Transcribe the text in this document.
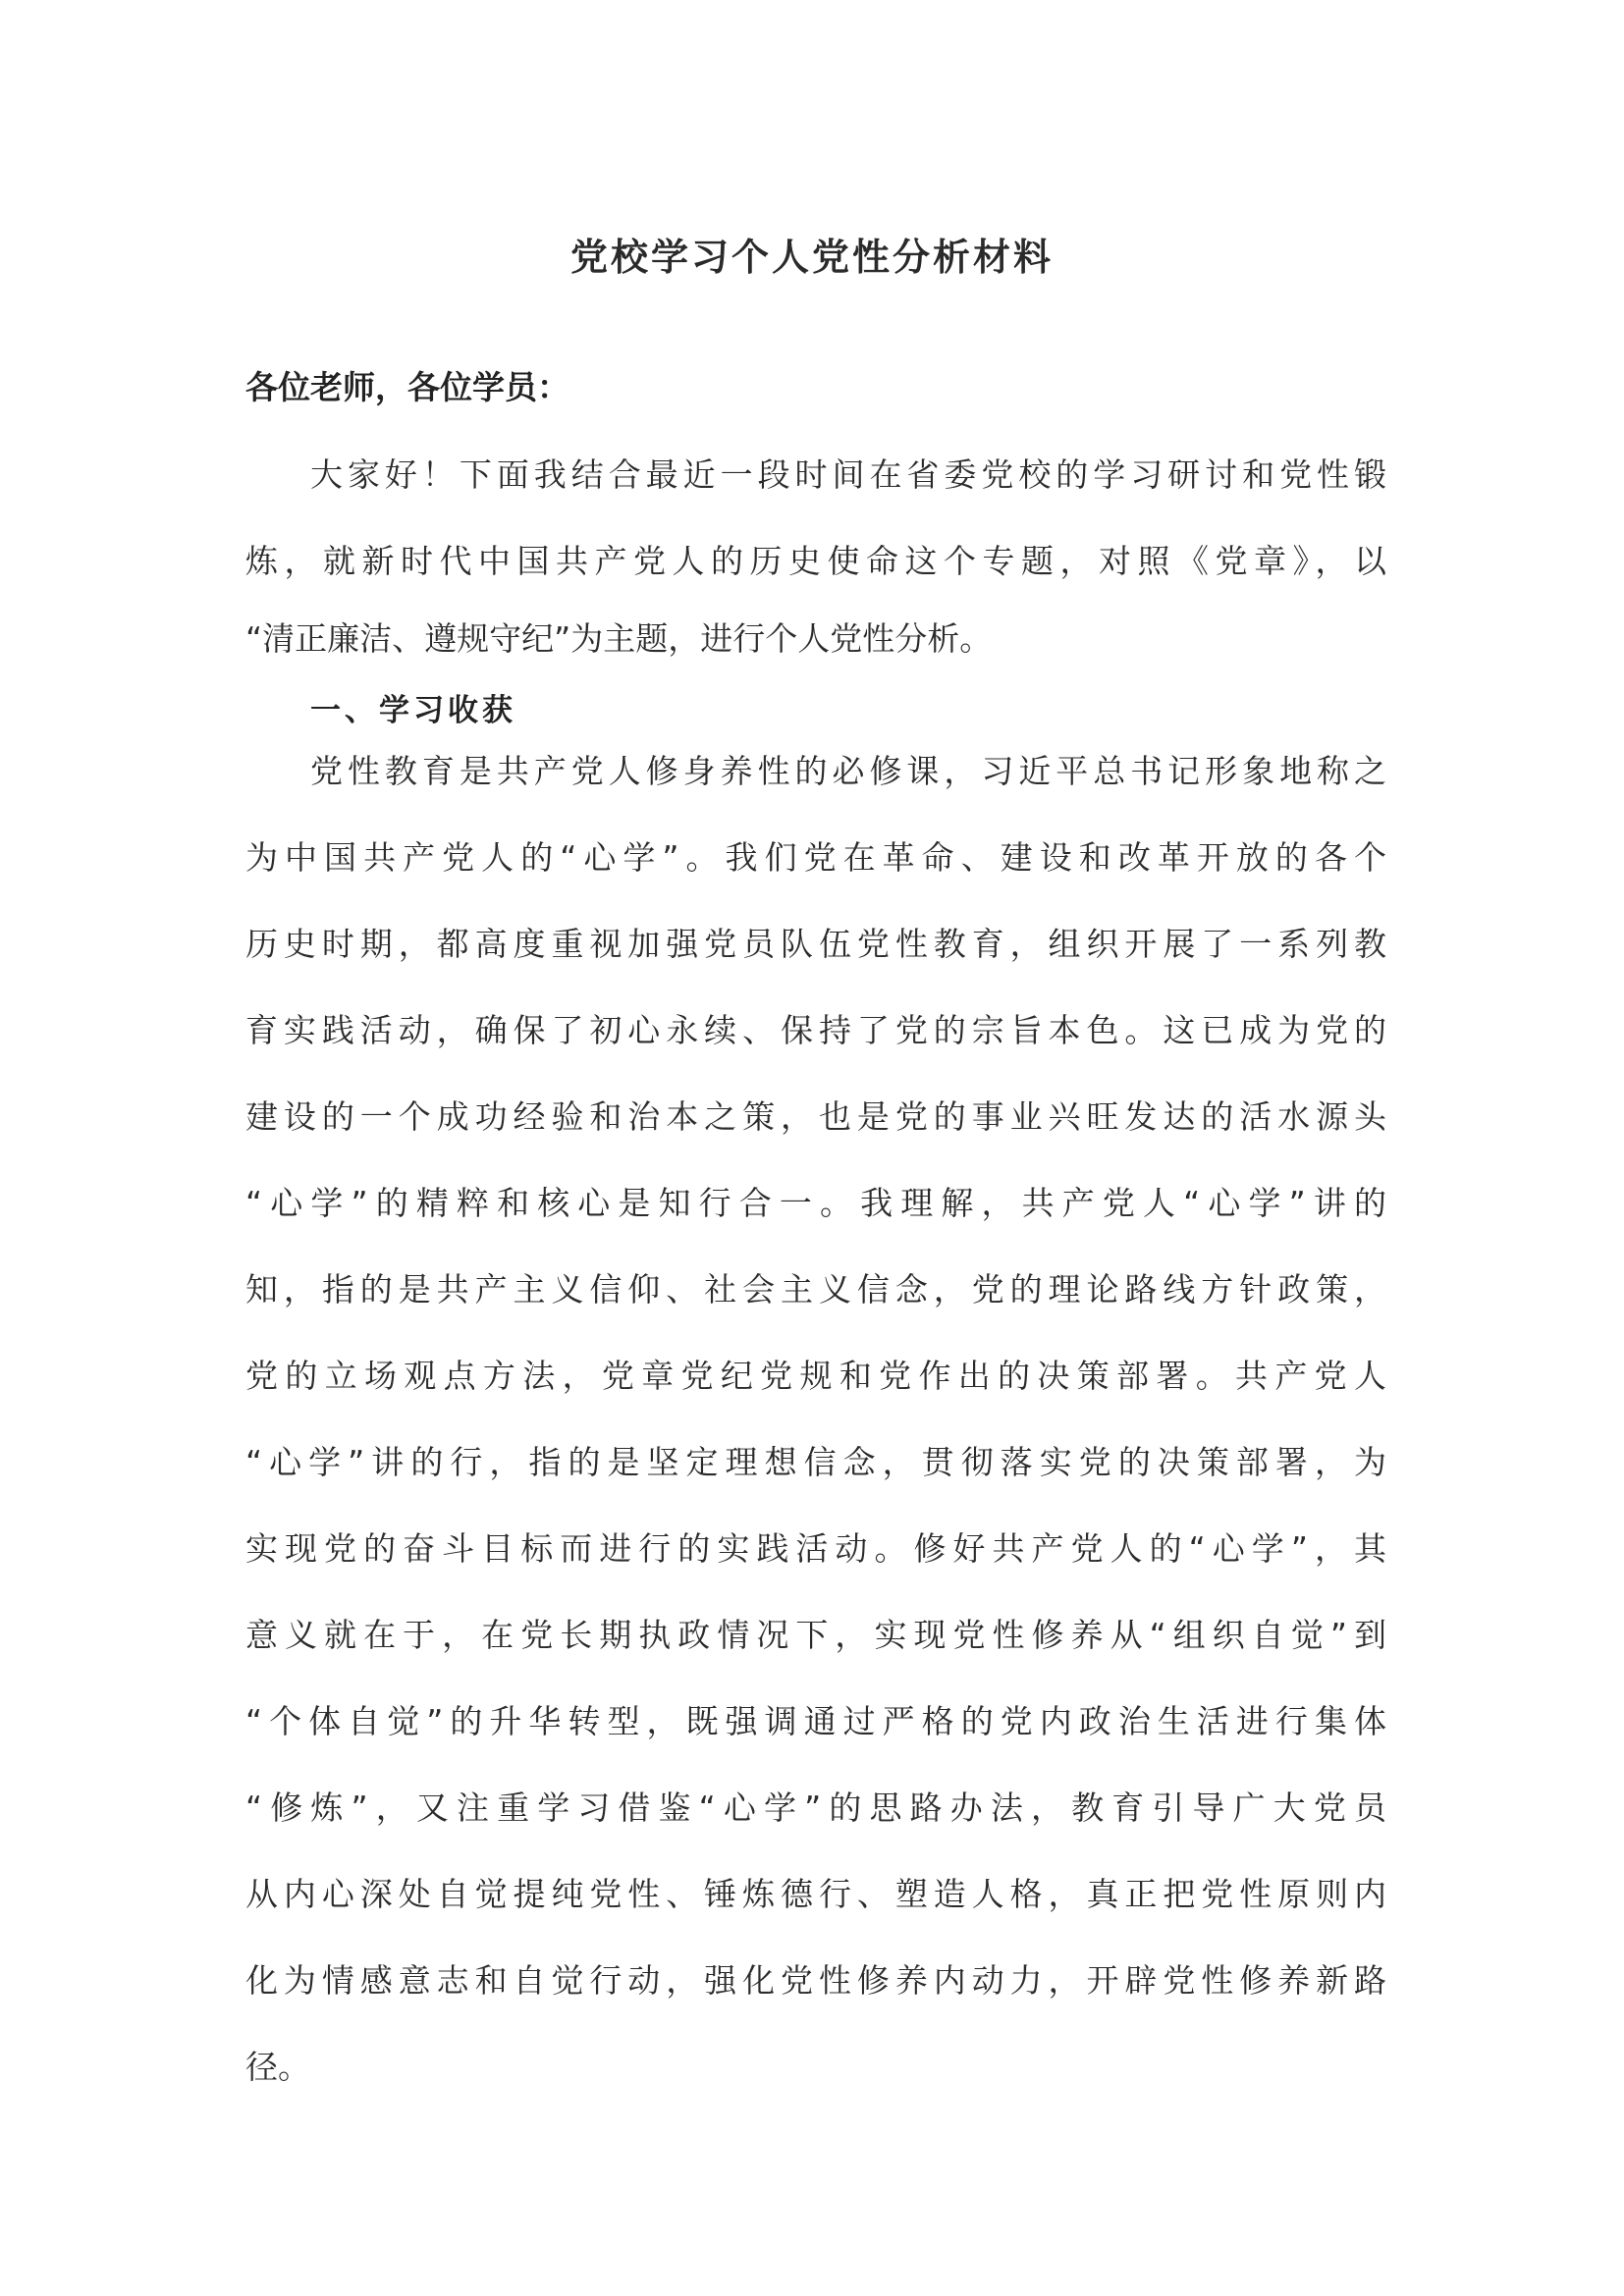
党校学习个人党性分析材料
各位老师，各位学员：
大家好！下面我结合最近一段时间在省委党校的学习研讨和党性锻
炼，就新时代中国共产党人的历史使命这个专题，对照《党章》，以
“清正廉洁、遵规守纪”为主题，进行个人党性分析。
一、学习收获
党性教育是共产党人修身养性的必修课，习近平总书记形象地称之
为中国共产党人的“心学”。我们党在革命、建设和改革开放的各个
历史时期，都高度重视加强党员队伍党性教育，组织开展了一系列教
育实践活动，确保了初心永续、保持了党的宗旨本色。这已成为党的
建设的一个成功经验和治本之策，也是党的事业兴旺发达的活水源头
“心学”的精粹和核心是知行合一。我理解，共产党人“心学”讲的
知，指的是共产主义信仰、社会主义信念，党的理论路线方针政策，
党的立场观点方法，党章党纪党规和党作出的决策部署。共产党人
“心学”讲的行，指的是坚定理想信念，贯彻落实党的决策部署，为
实现党的奋斗目标而进行的实践活动。修好共产党人的“心学”，其
意义就在于，在党长期执政情况下，实现党性修养从“组织自觉”到
“个体自觉”的升华转型，既强调通过严格的党内政治生活进行集体
“修炼”，又注重学习借鉴“心学”的思路办法，教育引导广大党员
从内心深处自觉提纯党性、锤炼德行、塑造人格，真正把党性原则内
化为情感意志和自觉行动，强化党性修养内动力，开辟党性修养新路
径。
